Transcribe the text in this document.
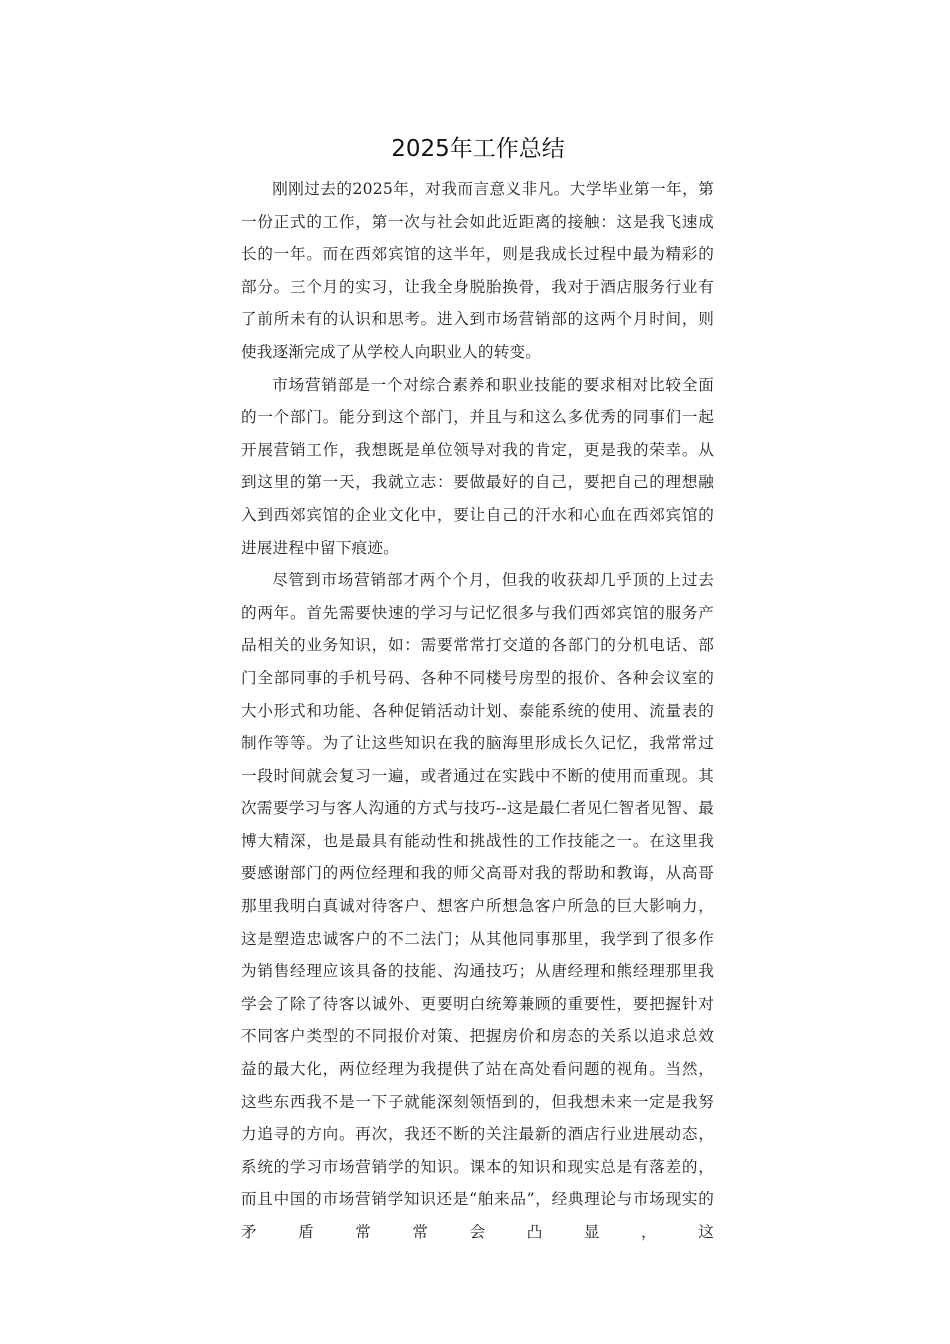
2025年工作总结

刚刚过去的2025年，对我而言意义非凡。大学毕业第一年，第一份正式的工作，第一次与社会如此近距离的接触：这是我飞速成长的一年。而在西郊宾馆的这半年，则是我成长过程中最为精彩的部分。三个月的实习，让我全身脱胎换骨，我对于酒店服务行业有了前所未有的认识和思考。进入到市场营销部的这两个月时间，则使我逐渐完成了从学校人向职业人的转变。

市场营销部是一个对综合素养和职业技能的要求相对比较全面的一个部门。能分到这个部门，并且与和这么多优秀的同事们一起开展营销工作，我想既是单位领导对我的肯定，更是我的荣幸。从到这里的第一天，我就立志：要做最好的自己，要把自己的理想融入到西郊宾馆的企业文化中，要让自己的汗水和心血在西郊宾馆的进展进程中留下痕迹。

尽管到市场营销部才两个个月，但我的收获却几乎顶的上过去的两年。首先需要快速的学习与记忆很多与我们西郊宾馆的服务产品相关的业务知识，如：需要常常打交道的各部门的分机电话、部门全部同事的手机号码、各种不同楼号房型的报价、各种会议室的大小形式和功能、各种促销活动计划、泰能系统的使用、流量表的制作等等。为了让这些知识在我的脑海里形成长久记忆，我常常过一段时间就会复习一遍，或者通过在实践中不断的使用而重现。其次需要学习与客人沟通的方式与技巧--这是最仁者见仁智者见智、最博大精深，也是最具有能动性和挑战性的工作技能之一。在这里我要感谢部门的两位经理和我的师父高哥对我的帮助和教诲，从高哥那里我明白真诚对待客户、想客户所想急客户所急的巨大影响力，这是塑造忠诚客户的不二法门；从其他同事那里，我学到了很多作为销售经理应该具备的技能、沟通技巧；从唐经理和熊经理那里我学会了除了待客以诚外、更要明白统筹兼顾的重要性，要把握针对不同客户类型的不同报价对策、把握房价和房态的关系以追求总效益的最大化，两位经理为我提供了站在高处看问题的视角。当然，这些东西我不是一下子就能深刻领悟到的，但我想未来一定是我努力追寻的方向。再次，我还不断的关注最新的酒店行业进展动态，系统的学习市场营销学的知识。课本的知识和现实总是有落差的，而且中国的市场营销学知识还是“舶来品”，经典理论与市场现实的矛盾常常会凸显，这
